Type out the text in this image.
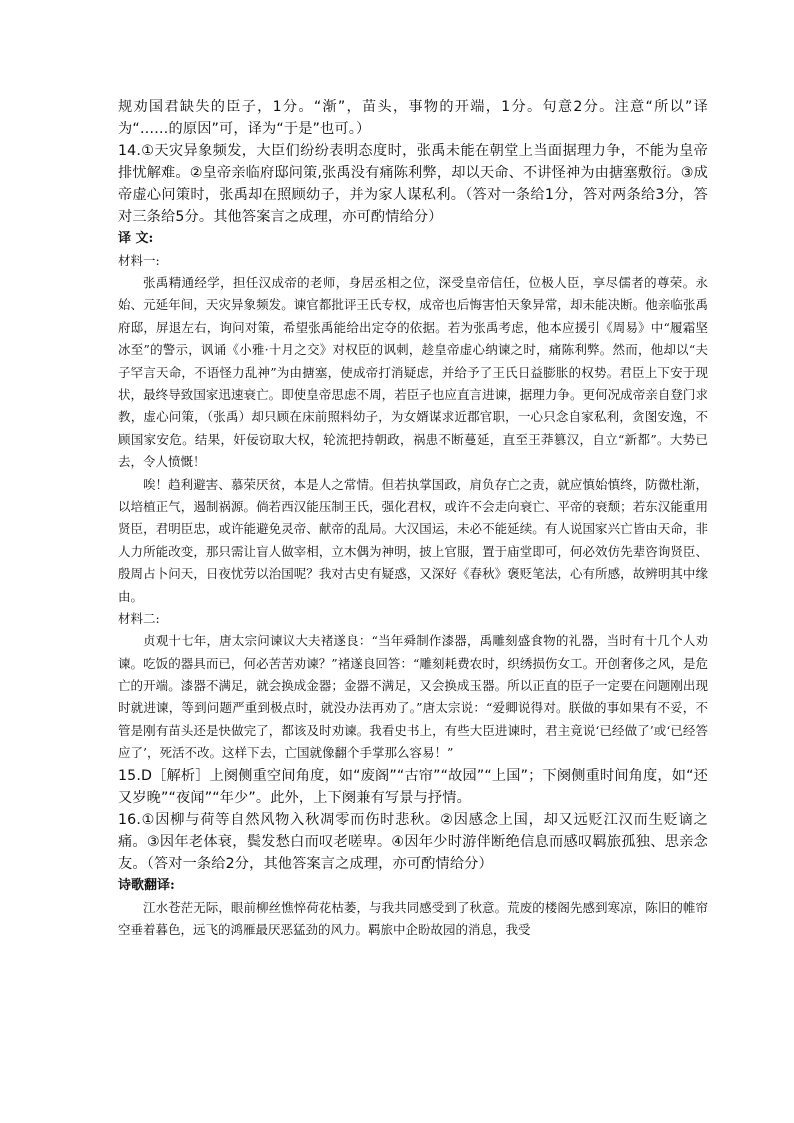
规劝国君缺失的臣子，1分。“渐”，苗头，事物的开端，1分。句意2分。注意“所以”译为“……的原因”可，译为“于是”也可。）

14.①天灾异象频发，大臣们纷纷表明态度时，张禹未能在朝堂上当面据理力争，不能为皇帝排忧解难。②皇帝亲临府邸问策,张禹没有痛陈利弊，却以天命、不讲怪神为由搪塞敷衍。③成帝虚心问策时，张禹却在照顾幼子，并为家人谋私利。（答对一条给1分，答对两条给3分，答对三条给5分。其他答案言之成理，亦可酌情给分）

译 文:
材料一:

张禹精通经学，担任汉成帝的老师，身居丞相之位，深受皇帝信任，位极人臣，享尽儒者的尊荣。永始、元延年间，天灾异象频发。谏官都批评王氏专权，成帝也后悔害怕天象异常，却未能决断。他亲临张禹府邸，屏退左右，询问对策，希望张禹能给出定夺的依据。若为张禹考虑，他本应援引《周易》中“履霜坚冰至”的警示，讽诵《小雅·十月之交》对权臣的讽刺，趁皇帝虚心纳谏之时，痛陈利弊。然而，他却以“夫子罕言天命，不语怪力乱神”为由搪塞，使成帝打消疑虑，并给予了王氏日益膨胀的权势。君臣上下安于现状，最终导致国家迅速衰亡。即使皇帝思虑不周，若臣子也应直言进谏，据理力争。更何况成帝亲自登门求教，虚心问策，（张禹）却只顾在床前照料幼子，为女婿谋求近郡官职，一心只念自家私利，贪图安逸，不顾国家安危。结果，奸佞窃取大权，轮流把持朝政，祸患不断蔓延，直至王莽篡汉，自立“新都”。大势已去，令人愤慨！

唉！趋利避害、慕荣厌贫，本是人之常情。但若执掌国政，肩负存亡之责，就应慎始慎终，防微杜渐，以培植正气，遏制祸源。倘若西汉能压制王氏，强化君权，或许不会走向衰亡、平帝的衰颓；若东汉能重用贤臣，君明臣忠，或许能避免灵帝、献帝的乱局。大汉国运，未必不能延续。有人说国家兴亡皆由天命，非人力所能改变，那只需让盲人做宰相，立木偶为神明，披上官服，置于庙堂即可，何必效仿先辈咨询贤臣、殷周占卜问天，日夜忧劳以治国呢？我对古史有疑惑，又深好《春秋》褒贬笔法，心有所感，故辨明其中缘由。

材料二:

贞观十七年，唐太宗问谏议大夫褚遂良：“当年舜制作漆器，禹雕刻盛食物的礼器，当时有十几个人劝谏。吃饭的器具而已，何必苦苦劝谏？”褚遂良回答：“雕刻耗费农时，织绣损伤女工。开创奢侈之风，是危亡的开端。漆器不满足，就会换成金器；金器不满足，又会换成玉器。所以正直的臣子一定要在问题刚出现时就进谏，等到问题严重到极点时，就没办法再劝了。”唐太宗说：“爱卿说得对。朕做的事如果有不妥，不管是刚有苗头还是快做完了，都该及时劝谏。我看史书上，有些大臣进谏时，君主竟说‘已经做了’或‘已经答应了’，死活不改。这样下去，亡国就像翻个手掌那么容易！”

15.D［解析］上阕侧重空间角度，如“废阁”“古帘”“故园”“上国”；下阕侧重时间角度，如“还又岁晚”“夜闻”“年少”。此外，上下阕兼有写景与抒情。

16.①因柳与荷等自然风物入秋凋零而伤时悲秋。②因感念上国，却又远贬江汉而生贬谪之痛。③因年老体衰，鬓发愁白而叹老嗟卑。④因年少时游伴断绝信息而感叹羁旅孤独、思亲念友。（答对一条给2分，其他答案言之成理，亦可酌情给分）

诗歌翻译:

江水苍茫无际，眼前柳丝憔悴荷花枯萎，与我共同感受到了秋意。荒废的楼阁先感到寒凉，陈旧的帷帘空垂着暮色，远飞的鸿雁最厌恶猛劲的风力。羁旅中企盼故园的消息，我受
